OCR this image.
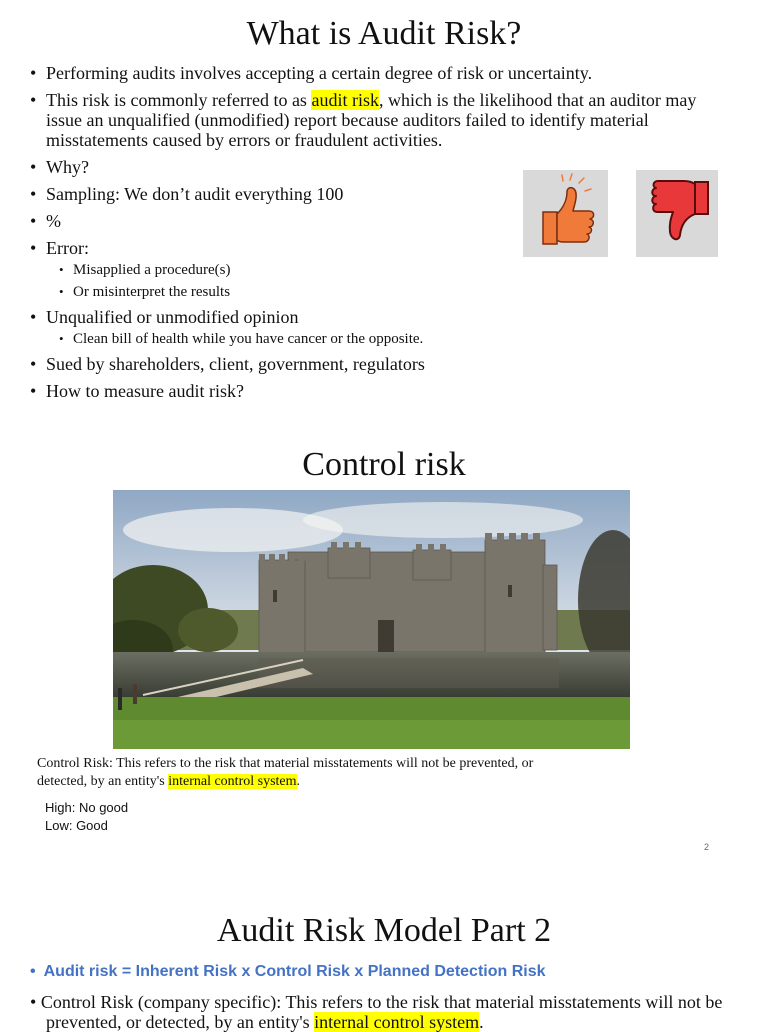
What is Audit Risk?
• Performing audits involves accepting a certain degree of risk or uncertainty.
• This risk is commonly referred to as audit risk, which is the likelihood that an auditor may issue an unqualified (unmodified) report because auditors failed to identify material misstatements caused by errors or fraudulent activities.
• Why?
• Sampling: We don’t audit everything 100
• %
• Error:
• Misapplied a procedure(s)
• Or misinterpret the results
• Unqualified or unmodified opinion
• Clean bill of health while you have cancer or the opposite.
• Sued by shareholders, client, government, regulators
• How to measure audit risk?
Control risk
Control Risk: This refers to the risk that material misstatements will not be prevented, or detected, by an entity's internal control system.
High: No good
Low: Good
2
Audit Risk Model Part 2
• Audit risk = Inherent Risk x Control Risk x Planned Detection Risk
• Control Risk (company specific): This refers to the risk that material misstatements will not be prevented, or detected, by an entity's internal control system.
